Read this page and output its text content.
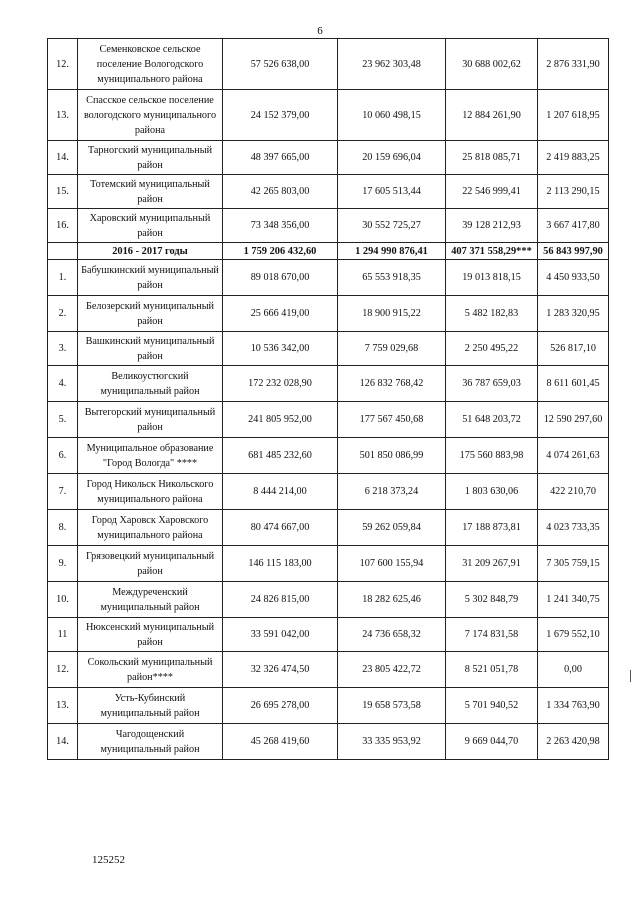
6
12.	Семенковское сельское поселение Вологодского муниципального района	57 526 638,00	23 962 303,48	30 688 002,62	2 876 331,90
13.	Спасское сельское поселение вологодского муниципального района	24 152 379,00	10 060 498,15	12 884 261,90	1 207 618,95
14.	Тарногский муниципальный район	48 397 665,00	20 159 696,04	25 818 085,71	2 419 883,25
15.	Тотемский муниципальный район	42 265 803,00	17 605 513,44	22 546 999,41	2 113 290,15
16.	Харовский муниципальный район	73 348 356,00	30 552 725,27	39 128 212,93	3 667 417,80
	2016 - 2017 годы	1 759 206 432,60	1 294 990 876,41	407 371 558,29***	56 843 997,90
1.	Бабушкинский муниципальный район	89 018 670,00	65 553 918,35	19 013 818,15	4 450 933,50
2.	Белозерский муниципальный район	25 666 419,00	18 900 915,22	5 482 182,83	1 283 320,95
3.	Вашкинский муниципальный район	10 536 342,00	7 759 029,68	2 250 495,22	526 817,10
4.	Великоустюгский муниципальный район	172 232 028,90	126 832 768,42	36 787 659,03	8 611 601,45
5.	Вытегорский муниципальный район	241 805 952,00	177 567 450,68	51 648 203,72	12 590 297,60
6.	Муниципальное образование "Город Вологда" ****	681 485 232,60	501 850 086,99	175 560 883,98	4 074 261,63
7.	Город Никольск Никольского муниципального района	8 444 214,00	6 218 373,24	1 803 630,06	422 210,70
8.	Город Харовск Харовского муниципального района	80 474 667,00	59 262 059,84	17 188 873,81	4 023 733,35
9.	Грязовецкий муниципальный район	146 115 183,00	107 600 155,94	31 209 267,91	7 305 759,15
10.	Междуреченский муниципальный район	24 826 815,00	18 282 625,46	5 302 848,79	1 241 340,75
11	Нюксенский муниципальный район	33 591 042,00	24 736 658,32	7 174 831,58	1 679 552,10
12.	Сокольский муниципальный район****	32 326 474,50	23 805 422,72	8 521 051,78	0,00
13.	Усть-Кубинский муниципальный район	26 695 278,00	19 658 573,58	5 701 940,52	1 334 763,90
14.	Чагодощенский муниципальный район	45 268 419,60	33 335 953,92	9 669 044,70	2 263 420,98
125252
